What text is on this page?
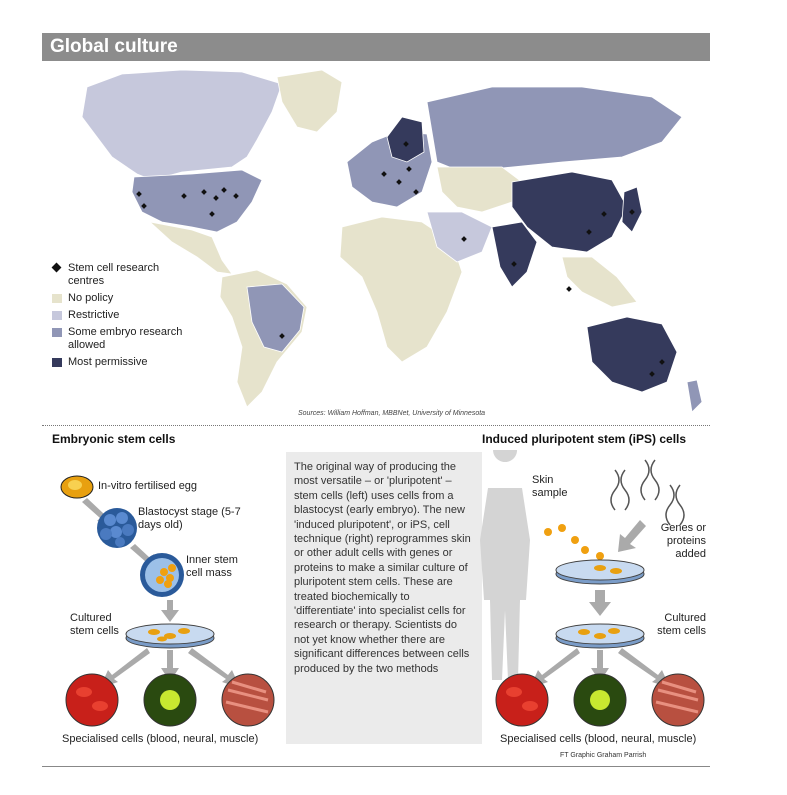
Global culture
Stem cell research centres
No policy
Restrictive
Some embryo research allowed
Most permissive
Sources: William Hoffman, MBBNet, University of Minnesota
Embryonic stem cells	Induced pluripotent stem (iPS) cells
In-vitro fertilised egg
Blastocyst stage (5-7 days old)
Inner stem cell mass
Cultured stem cells
Specialised cells (blood, neural, muscle)

The original way of producing the most versatile – or 'pluripotent' – stem cells (left) uses cells from a blastocyst (early embryo). The new 'induced pluripotent', or iPS, cell technique (right) reprogrammes skin or other adult cells with genes or proteins to make a similar culture of pluripotent stem cells. These are treated biochemically to 'differentiate' into specialist cells for research or therapy. Scientists do not yet know whether there are significant differences between cells produced by the two methods

Skin sample
Genes or proteins added
Cultured stem cells
Specialised cells (blood, neural, muscle)
FT Graphic Graham Parrish
